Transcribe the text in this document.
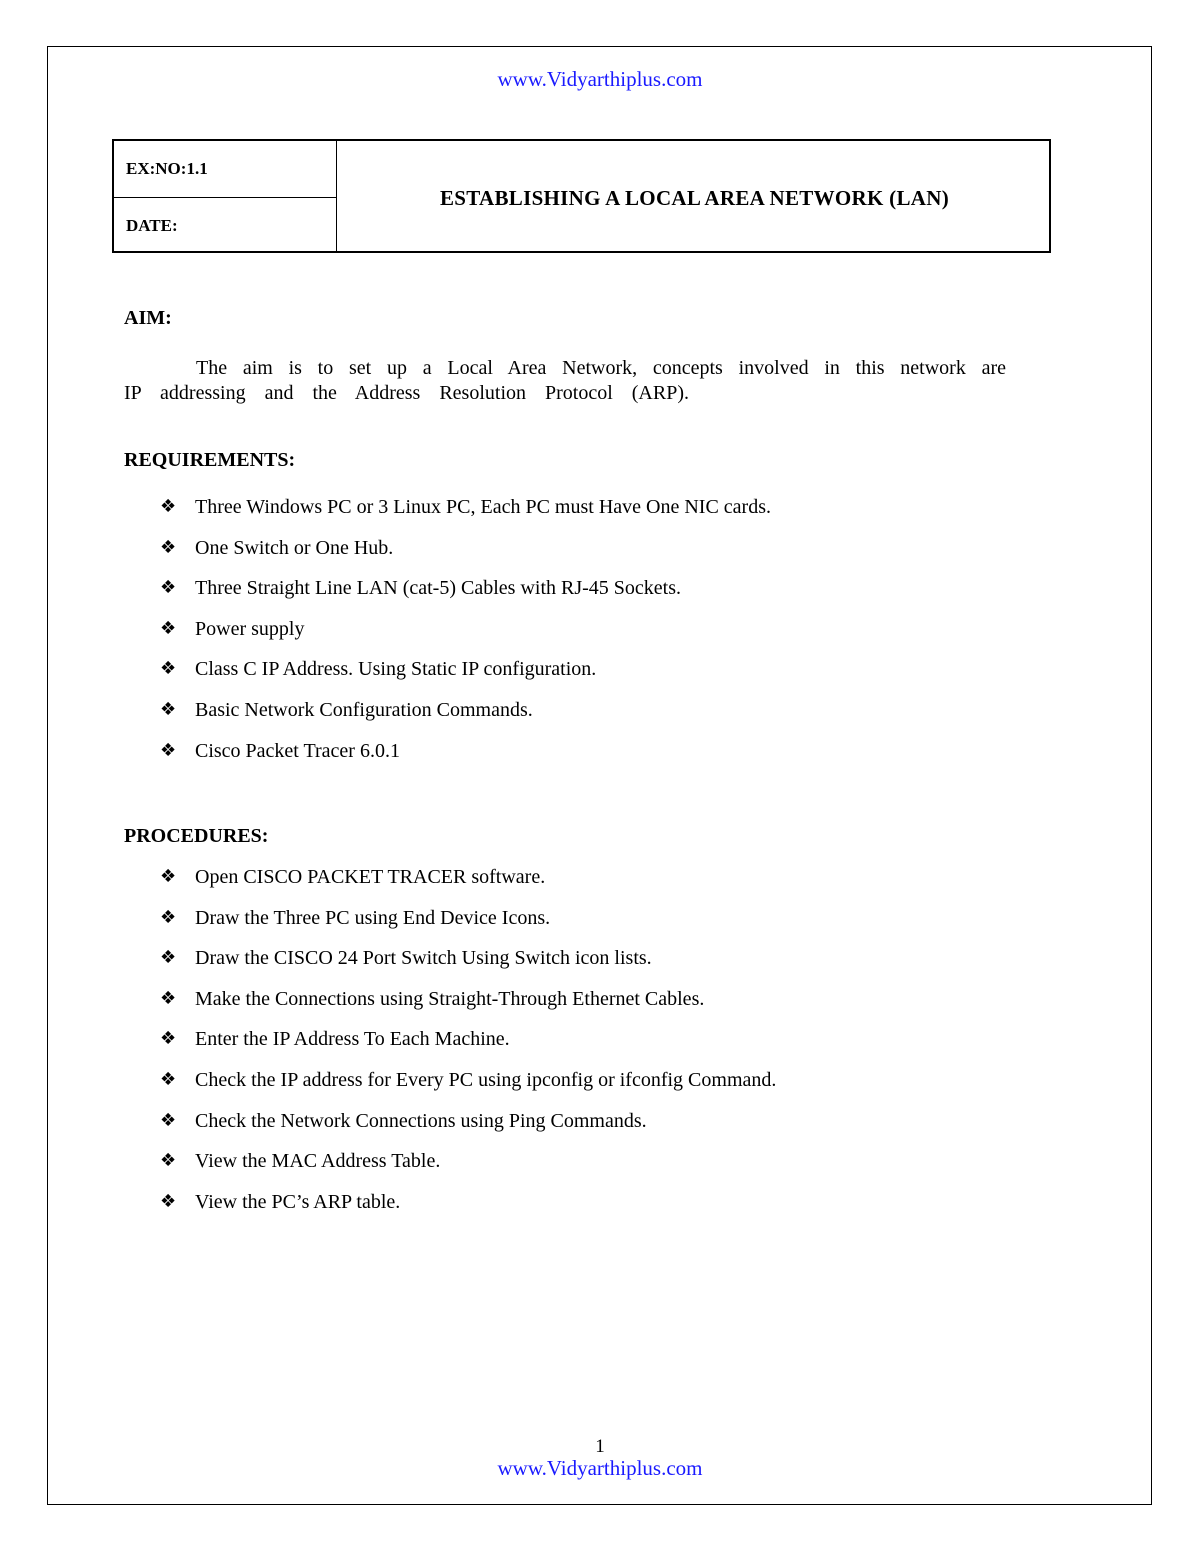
www.Vidyarthiplus.com
EX:NO:1.1
DATE:
ESTABLISHING A LOCAL AREA NETWORK (LAN)
AIM:
The aim is to set up a Local Area Network, concepts involved in this network are
IP addressing and the Address Resolution Protocol (ARP).
REQUIREMENTS:
❖ Three Windows PC or 3 Linux PC, Each PC must Have One NIC cards.
❖ One Switch or One Hub.
❖ Three Straight Line LAN (cat-5) Cables with RJ-45 Sockets.
❖ Power supply
❖ Class C IP Address. Using Static IP configuration.
❖ Basic Network Configuration Commands.
❖ Cisco Packet Tracer 6.0.1
PROCEDURES:
❖ Open CISCO PACKET TRACER software.
❖ Draw the Three PC using End Device Icons.
❖ Draw the CISCO 24 Port Switch Using Switch icon lists.
❖ Make the Connections using Straight-Through Ethernet Cables.
❖ Enter the IP Address To Each Machine.
❖ Check the IP address for Every PC using ipconfig or ifconfig Command.
❖ Check the Network Connections using Ping Commands.
❖ View the MAC Address Table.
❖ View the PC’s ARP table.
1
www.Vidyarthiplus.com
